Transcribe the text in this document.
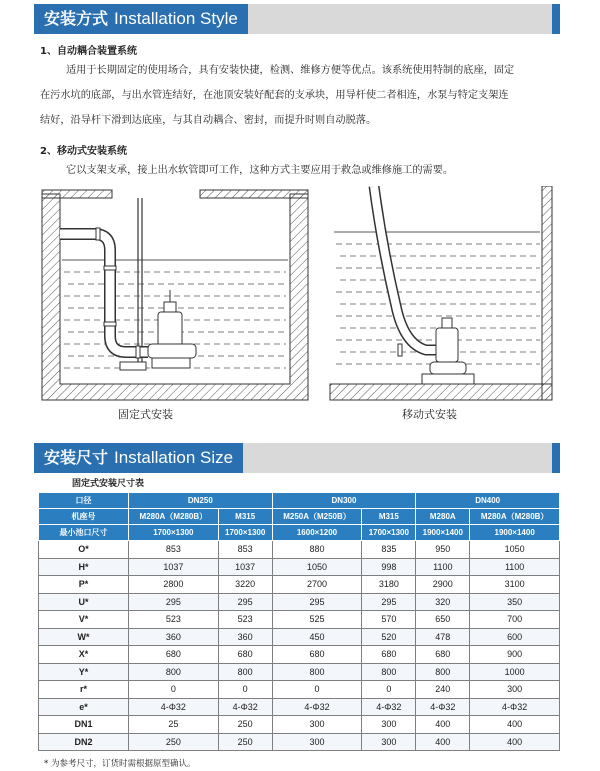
安装方式 Installation Style
1、自动耦合装置系统
适用于长期固定的使用场合，具有安装快捷，检测、维修方便等优点。该系统使用特制的底座，固定
在污水坑的底部，与出水管连结好，在池顶安装好配套的支承块，用导杆使二者相连，水泵与特定支架连
结好，沿导杆下滑到达底座，与其自动耦合、密封，而提升时则自动脱落。
2、移动式安装系统
它以支架支承，接上出水软管即可工作，这种方式主要应用于救急或维修施工的需要。
固定式安装	移动式安装
安装尺寸 Installation Size
固定式安装尺寸表
口径	DN250		DN300		DN400	
机座号	M280A（M280B）	M315	M250A（M250B）	M315	M280A	M280A（M280B）
最小池口尺寸	1700×1300	1700×1300	1600×1200	1700×1300	1900×1400	1900×1400
O*	853	853	880	835	950	1050
H*	1037	1037	1050	998	1100	1100
P*	2800	3220	2700	3180	2900	3100
U*	295	295	295	295	320	350
V*	523	523	525	570	650	700
W*	360	360	450	520	478	600
X*	680	680	680	680	680	900
Y*	800	800	800	800	800	1000
r*	0	0	0	0	240	300
e*	4-Φ32	4-Φ32	4-Φ32	4-Φ32	4-Φ32	4-Φ32
DN1	25	250	300	300	400	400
DN2	250	250	300	300	400	400
* 为参考尺寸，订货时需根据原型确认。
